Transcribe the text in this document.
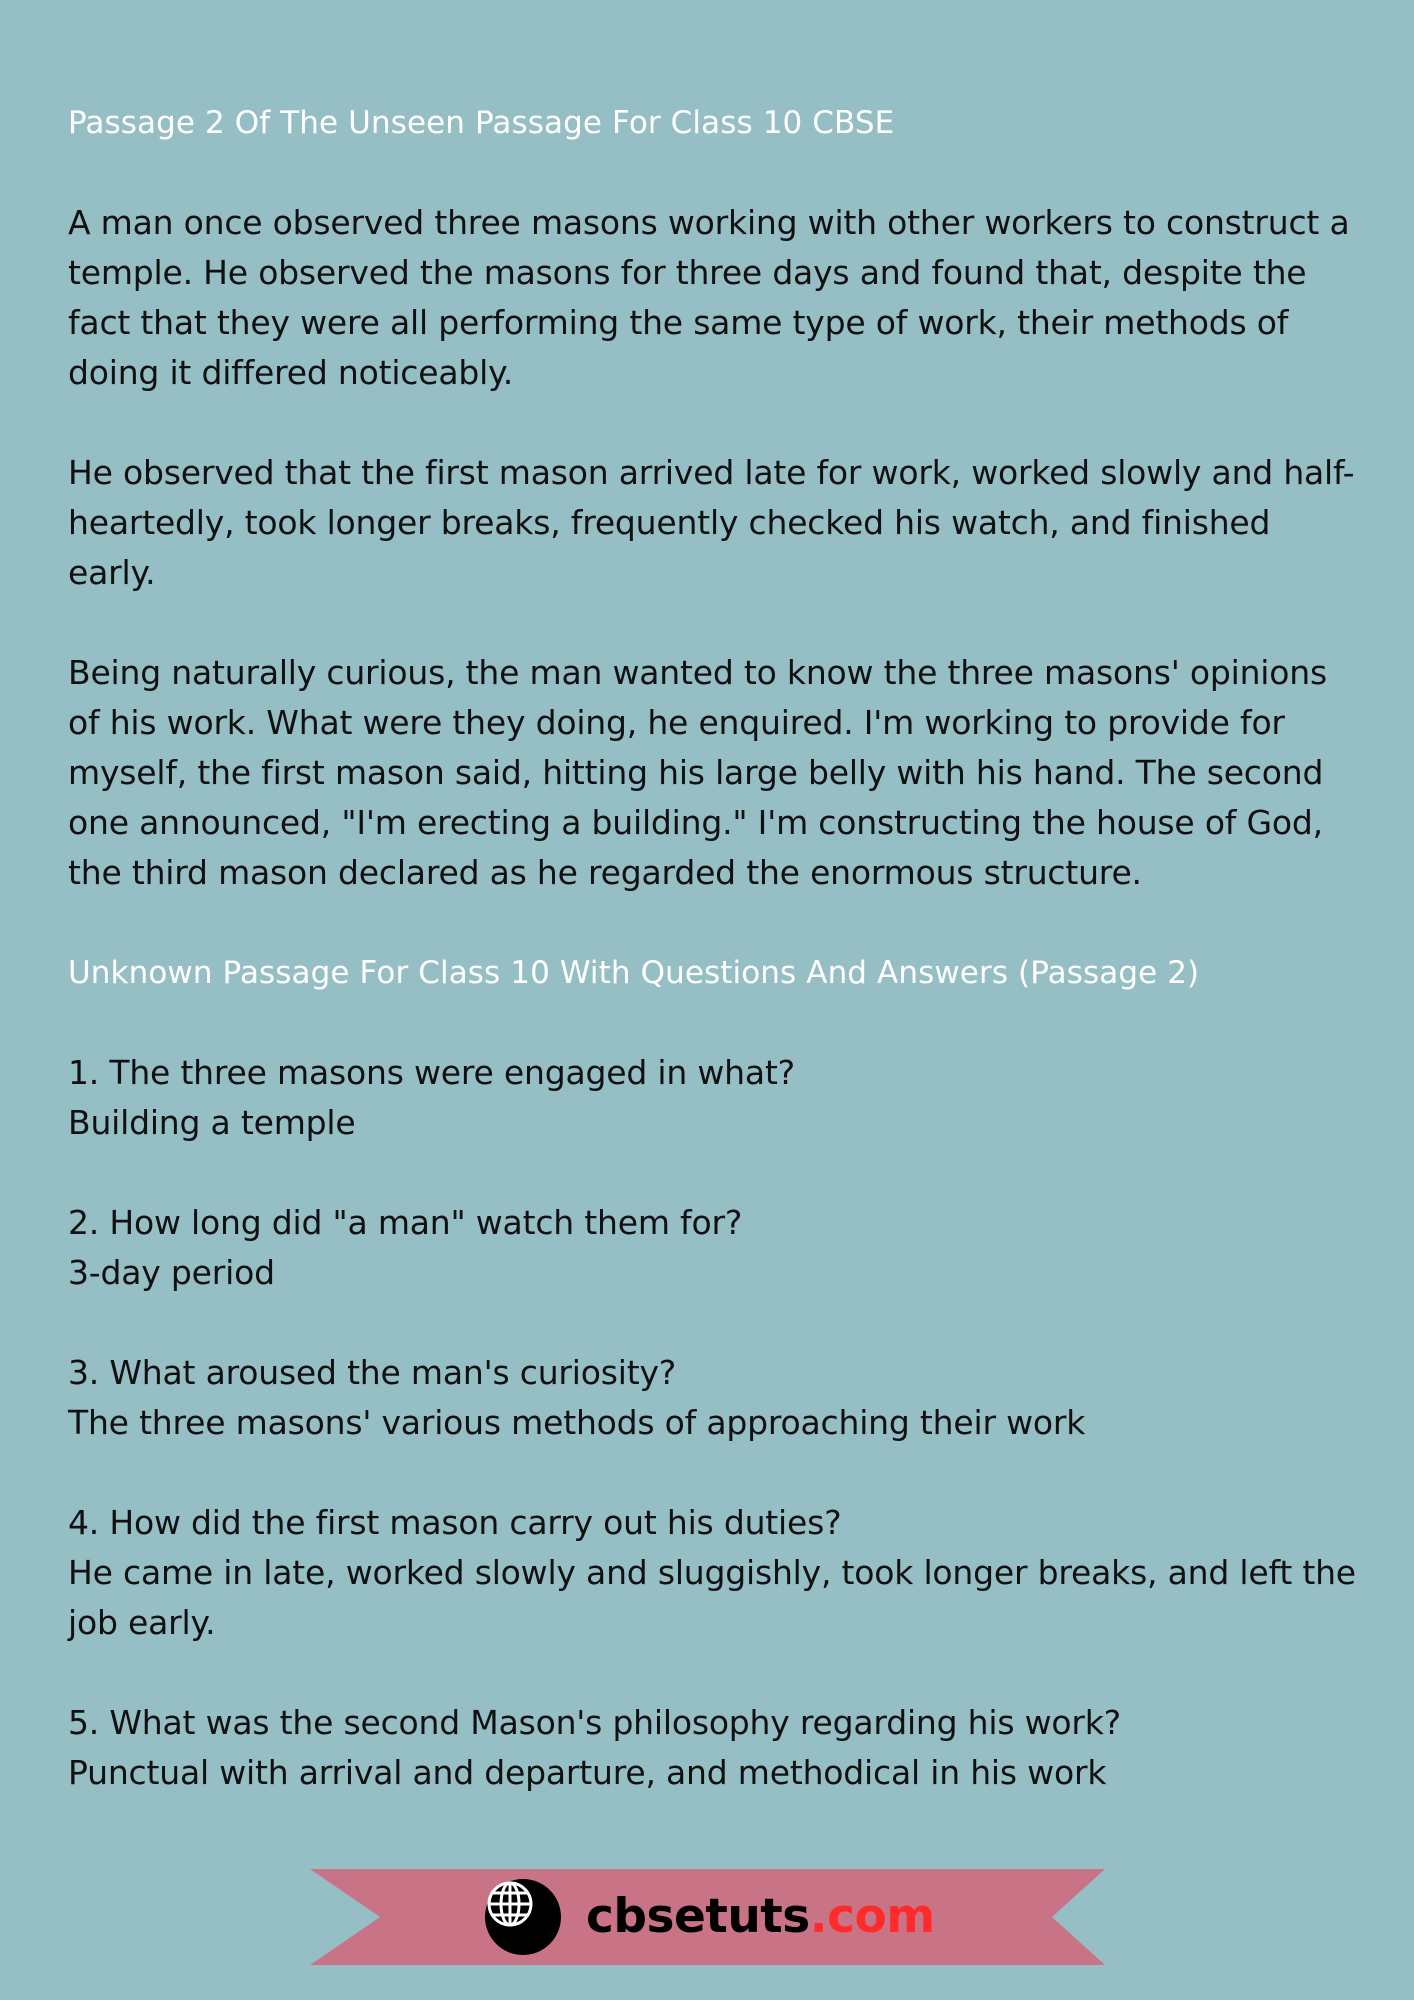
Passage 2 Of The Unseen Passage For Class 10 CBSE

A man once observed three masons working with other workers to construct a temple. He observed the masons for three days and found that, despite the fact that they were all performing the same type of work, their methods of doing it differed noticeably.

He observed that the first mason arrived late for work, worked slowly and half-heartedly, took longer breaks, frequently checked his watch, and finished early.

Being naturally curious, the man wanted to know the three masons' opinions of his work. What were they doing, he enquired. I'm working to provide for myself, the first mason said, hitting his large belly with his hand. The second one announced, "I'm erecting a building." I'm constructing the house of God, the third mason declared as he regarded the enormous structure.

Unknown Passage For Class 10 With Questions And Answers (Passage 2)

1. The three masons were engaged in what?

Building a temple

2. How long did "a man" watch them for?

3-day period

3. What aroused the man's curiosity?

The three masons' various methods of approaching their work

4. How did the first mason carry out his duties?

He came in late, worked slowly and sluggishly, took longer breaks, and left the job early.

5. What was the second Mason's philosophy regarding his work?

Punctual with arrival and departure, and methodical in his work

cbsetuts.com
